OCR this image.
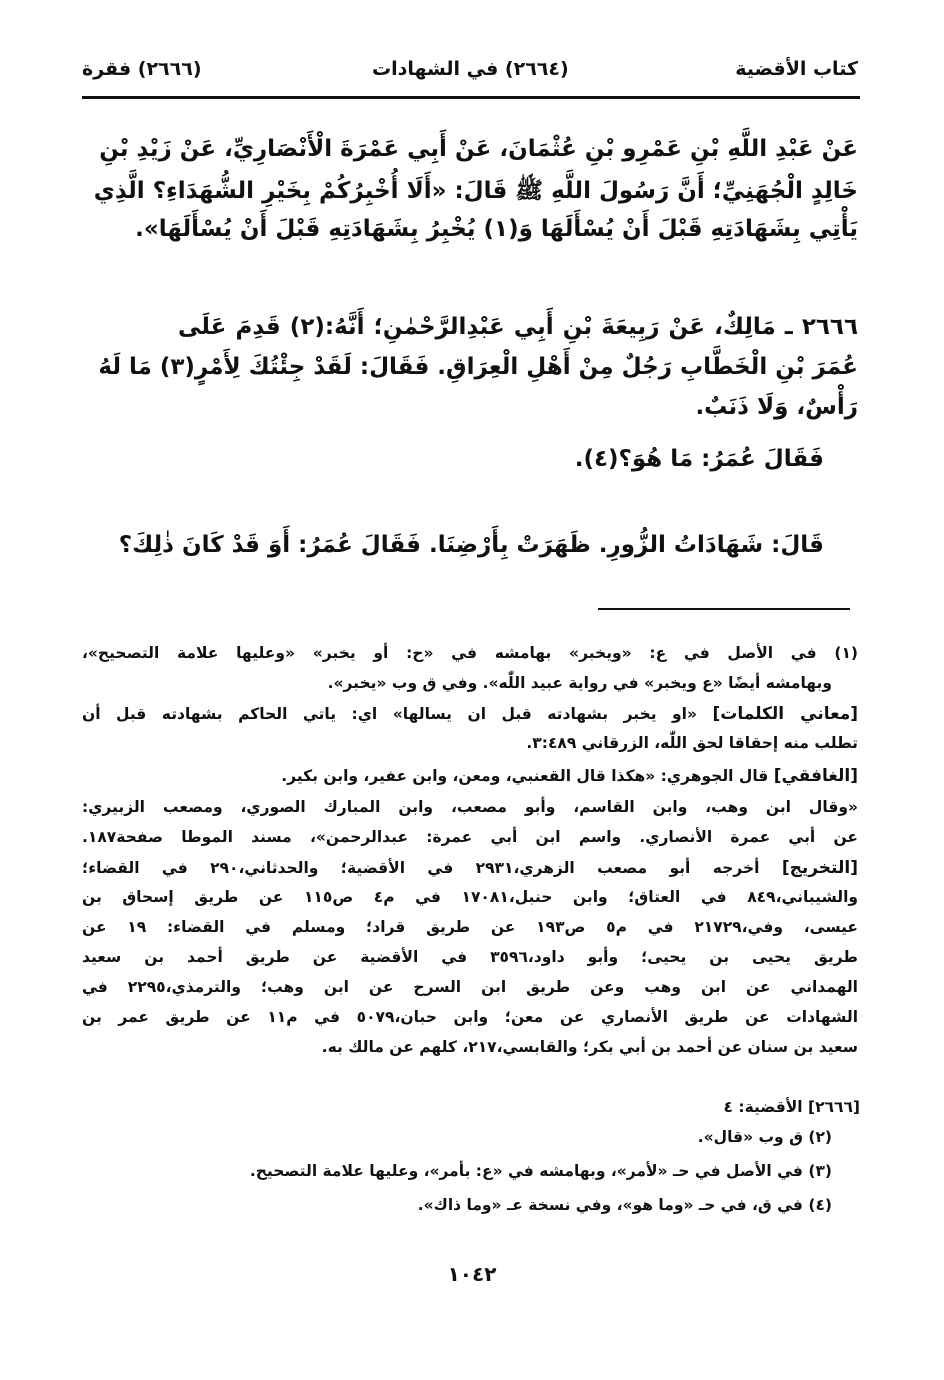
كتاب الأقضية
(٢٦٦٤) في الشهادات
(٢٦٦٦) فقرة
عَنْ عَبْدِ اللَّهِ بْنِ عَمْرِو بْنِ عُثْمَانَ، عَنْ أَبِي عَمْرَةَ الْأَنْصَارِيِّ، عَنْ زَيْدِ بْنِ
خَالِدٍ الْجُهَنِيِّ؛ أَنَّ رَسُولَ اللَّهِ ﷺ قَالَ: «أَلَا أُخْبِرُكُمْ بِخَيْرِ الشُّهَدَاءِ؟ الَّذِي
يَأْتِي بِشَهَادَتِهِ قَبْلَ أَنْ يُسْأَلَهَا وَ(١) يُخْبِرُ بِشَهَادَتِهِ قَبْلَ أَنْ يُسْأَلَهَا».
٢٦٦٦ ـ مَالِكٌ، عَنْ رَبِيعَةَ بْنِ أَبِي عَبْدِالرَّحْمٰنِ؛ أَنَّهُ:(٢) قَدِمَ عَلَى
عُمَرَ بْنِ الْخَطَّابِ رَجُلٌ مِنْ أَهْلِ الْعِرَاقِ. فَقَالَ: لَقَدْ جِئْتُكَ لِأَمْرٍ(٣) مَا لَهُ
رَأْسٌ، وَلَا ذَنَبٌ.
فَقَالَ عُمَرُ: مَا هُوَ؟(٤).
قَالَ: شَهَادَاتُ الزُّورِ. ظَهَرَتْ بِأَرْضِنَا. فَقَالَ عُمَرُ: أَوَ قَدْ كَانَ ذٰلِكَ؟
(١) في الأصل في ع: «ويخبر» بهامشه في «ح: أو يخبر» «وعليها علامة التصحيح»،
وبهامشه أيضًا «ع ويخبر» في رواية عبيد اللّٰه». وفي ق وب «يخبر».
[معاني الكلمات] «او يخبر بشهادته قبل ان يسالها» اي: ياتي الحاكم بشهادته قبل أن
تطلب منه إحقاقا لحق اللّٰه، الزرقاني ٣:٤٨٩.
[الغافقي] قال الجوهري: «هكذا قال القعنبي، ومعن، وابن عفير، وابن بكير.
«وقال ابن وهب، وابن القاسم، وأبو مصعب، وابن المبارك الصوري، ومصعب الزبيري:
عن أبي عمرة الأنصاري. واسم ابن أبي عمرة: عبدالرحمن»، مسند الموطا صفحة١٨٧.
[التخريج] أخرجه أبو مصعب الزهري،٢٩٣١ في الأقضية؛ والحدثاني،٢٩٠ في القضاء؛
والشيباني،٨٤٩ في العتاق؛ وابن حنبل،١٧٠٨١ في م٤ ص١١٥ عن طريق إسحاق بن
عيسى، وفي،٢١٧٢٩ في م٥ ص١٩٣ عن طريق قراد؛ ومسلم في القضاء: ١٩ عن
طريق يحيى بن يحيى؛ وأبو داود،٣٥٩٦ في الأقضية عن طريق أحمد بن سعيد
الهمداني عن ابن وهب وعن طريق ابن السرح عن ابن وهب؛ والترمذي،٢٢٩٥ في
الشهادات عن طريق الأنصاري عن معن؛ وابن حبان،٥٠٧٩ في م١١ عن طريق عمر بن
سعيد بن سنان عن أحمد بن أبي بكر؛ والقابسي،٢١٧، كلهم عن مالك به.
[٢٦٦٦] الأقضية: ٤
(٢) ق وب «قال».
(٣) في الأصل في حـ «لأمر»، وبهامشه في «ع: بأمر»، وعليها علامة التصحيح.
(٤) في ق، في حـ «وما هو»، وفي نسخة عـ «وما ذاك».
١٠٤٢
